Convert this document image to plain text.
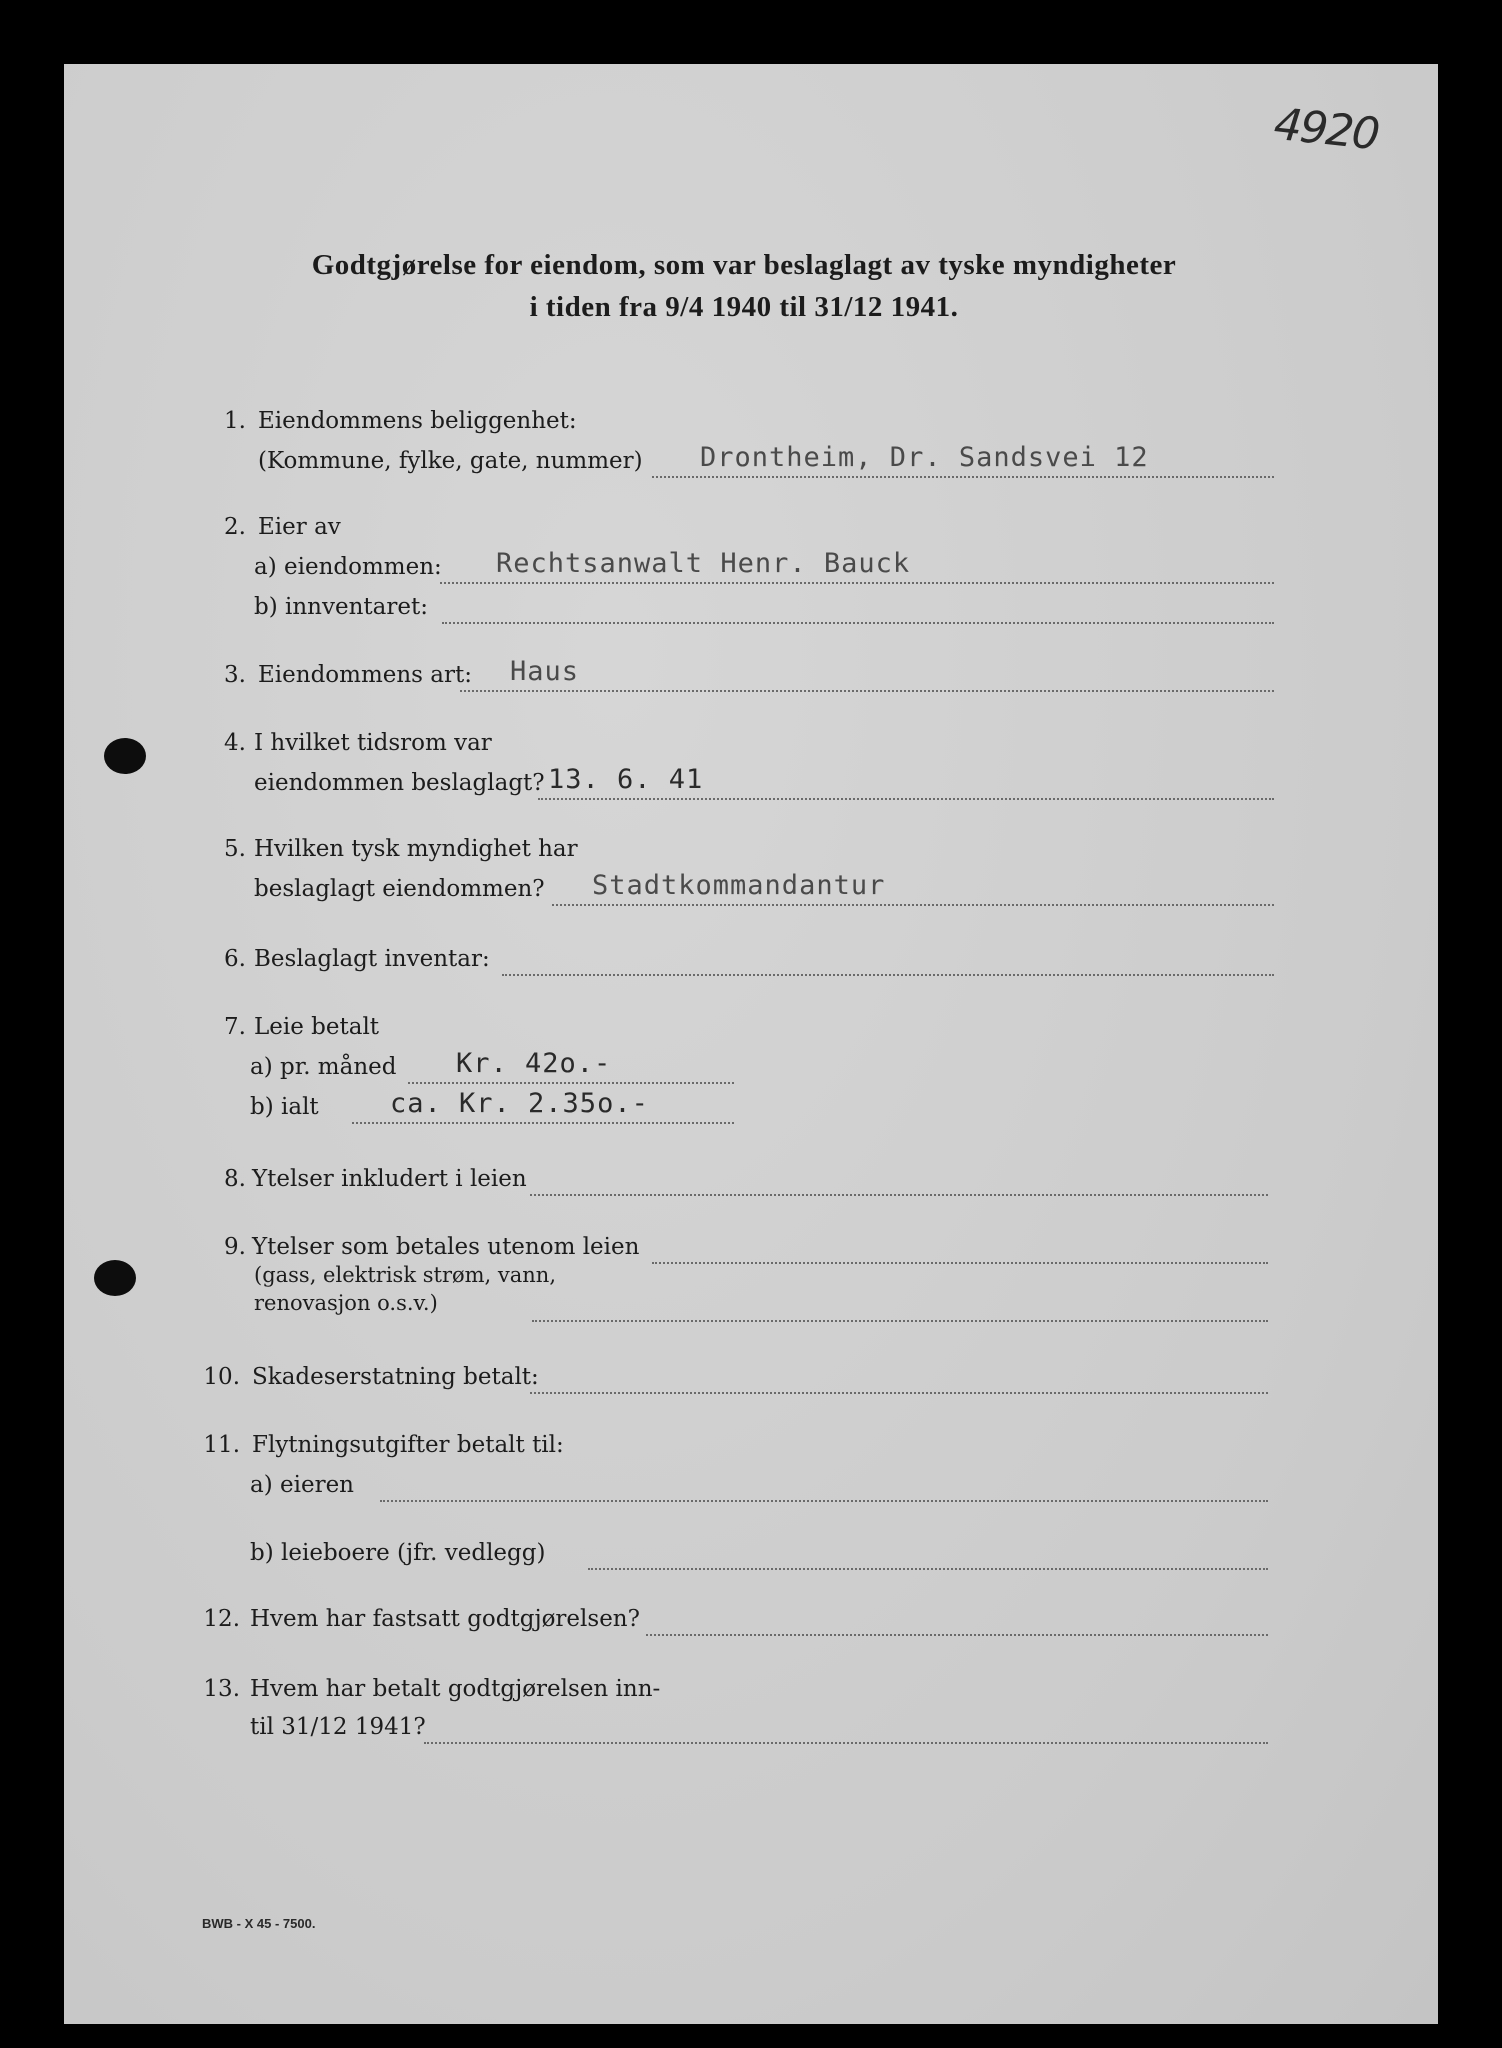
4920
Godtgjørelse for eiendom, som var beslaglagt av tyske myndigheter
i tiden fra 9/4 1940 til 31/12 1941.
1. Eiendommens beliggenhet:
(Kommune, fylke, gate, nummer) Drontheim, Dr. Sandsvei 12
2. Eier av
a) eiendommen: Rechtsanwalt Henr. Bauck
b) innventaret:
3. Eiendommens art: Haus
4. I hvilket tidsrom var
eiendommen beslaglagt? 13. 6. 41
5. Hvilken tysk myndighet har
beslaglagt eiendommen? Stadtkommandantur
6. Beslaglagt inventar:
7. Leie betalt
a) pr. måned Kr. 42o.-
b) ialt	ca. Kr. 2.35o.-
8. Ytelser inkludert i leien
9. Ytelser som betales utenom leien
(gass, elektrisk strøm, vann,
renovasjon o.s.v.)
10. Skadeserstatning betalt:
11. Flytningsutgifter betalt til:
a) eieren
b) leieboere (jfr. vedlegg)
12. Hvem har fastsatt godtgjørelsen?
13. Hvem har betalt godtgjørelsen inn-
til 31/12 1941?
BWB - X 45 - 7500.
